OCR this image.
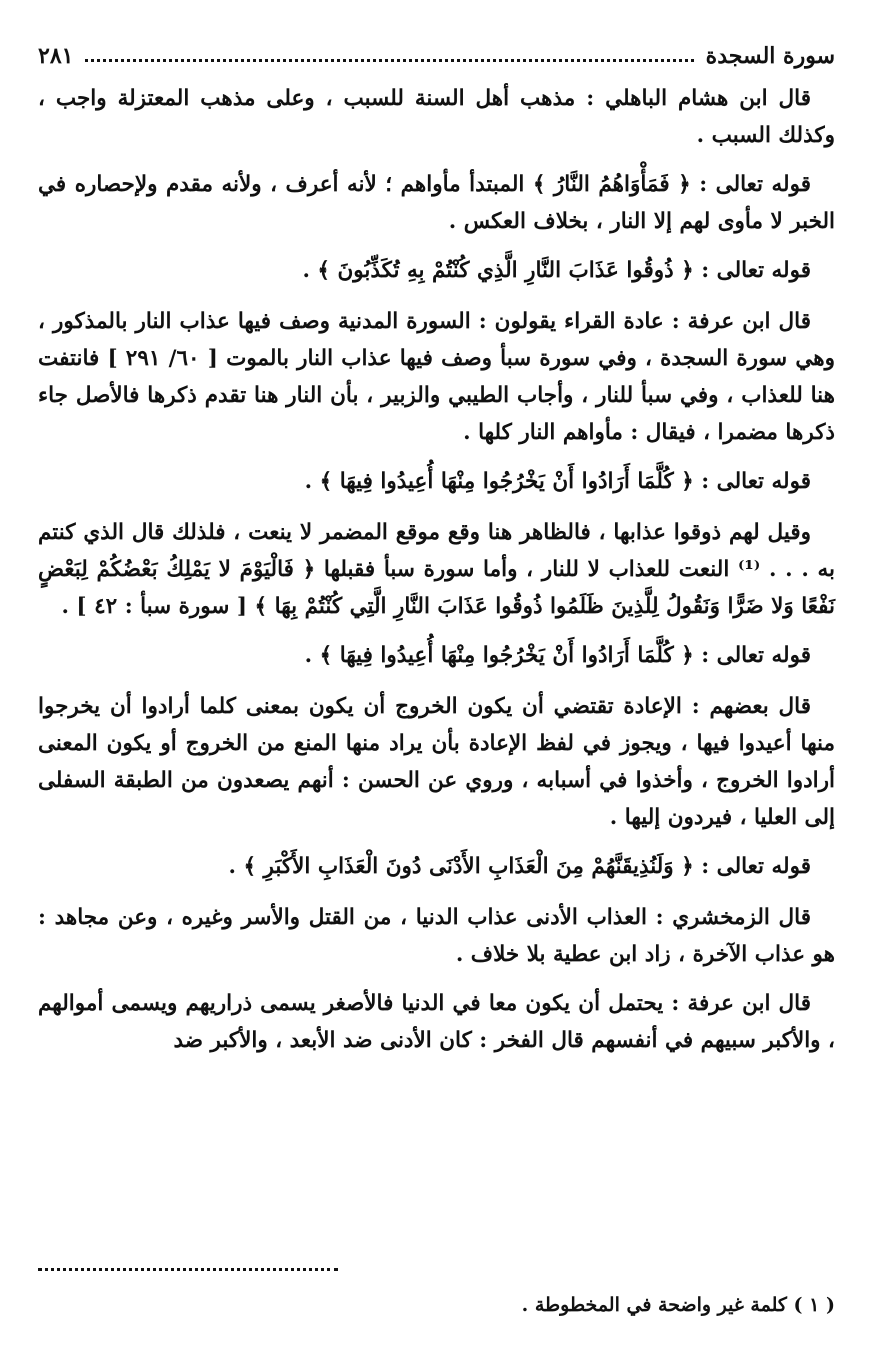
سورة السجدة
٢٨١

قال ابن هشام الباهلي : مذهب أهل السنة للسبب ، وعلى مذهب المعتزلة واجب ، وكذلك السبب .

قوله تعالى : ﴿ فَمَأْوَاهُمُ النَّارُ ﴾ المبتدأ مأواهم ؛ لأنه أعرف ، ولأنه مقدم ولإحصاره في الخبر لا مأوى لهم إلا النار ، بخلاف العكس .

قوله تعالى : ﴿ ذُوقُوا عَذَابَ النَّارِ الَّذِي كُنْتُمْ بِهِ تُكَذِّبُونَ ﴾ .

قال ابن عرفة : عادة القراء يقولون : السورة المدنية وصف فيها عذاب النار بالمذكور ، وهي سورة السجدة ، وفي سورة سبأ وصف فيها عذاب النار بالموت [ ٦٠/ ٢٩١ ] فانتفت هنا للعذاب ، وفي سبأ للنار ، وأجاب الطيبي والزبير ، بأن النار هنا تقدم ذكرها فالأصل جاء ذكرها مضمرا ، فيقال : مأواهم النار كلها .

قوله تعالى : ﴿ كُلَّمَا أَرَادُوا أَنْ يَخْرُجُوا مِنْهَا أُعِيدُوا فِيهَا ﴾ .

وقيل لهم ذوقوا عذابها ، فالظاهر هنا وقع موقع المضمر لا ينعت ، فلذلك قال الذي كنتم به . . . ⁽¹⁾ النعت للعذاب لا للنار ، وأما سورة سبأ فقبلها ﴿ فَالْيَوْمَ لا يَمْلِكُ بَعْضُكُمْ لِبَعْضٍ نَفْعًا وَلا ضَرًّا وَنَقُولُ لِلَّذِينَ ظَلَمُوا ذُوقُوا عَذَابَ النَّارِ الَّتِي كُنْتُمْ بِهَا ﴾ [ سورة سبأ : ٤٢ ] .

قوله تعالى : ﴿ كُلَّمَا أَرَادُوا أَنْ يَخْرُجُوا مِنْهَا أُعِيدُوا فِيهَا ﴾ .

قال بعضهم : الإعادة تقتضي أن يكون الخروج أن يكون بمعنى كلما أرادوا أن يخرجوا منها أعيدوا فيها ، ويجوز في لفظ الإعادة بأن يراد منها المنع من الخروج أو يكون المعنى أرادوا الخروج ، وأخذوا في أسبابه ، وروي عن الحسن : أنهم يصعدون من الطبقة السفلى إلى العليا ، فيردون إليها .

قوله تعالى : ﴿ وَلَنُذِيقَنَّهُمْ مِنَ الْعَذَابِ الأَدْنَى دُونَ الْعَذَابِ الأَكْبَرِ ﴾ .

قال الزمخشري : العذاب الأدنى عذاب الدنيا ، من القتل والأسر وغيره ، وعن مجاهد : هو عذاب الآخرة ، زاد ابن عطية بلا خلاف .

قال ابن عرفة : يحتمل أن يكون معا في الدنيا فالأصغر يسمى ذراريهم ويسمى أموالهم ، والأكبر سبيهم في أنفسهم قال الفخر : كان الأدنى ضد الأبعد ، والأكبر ضد

( ١ ) كلمة غير واضحة في المخطوطة .
